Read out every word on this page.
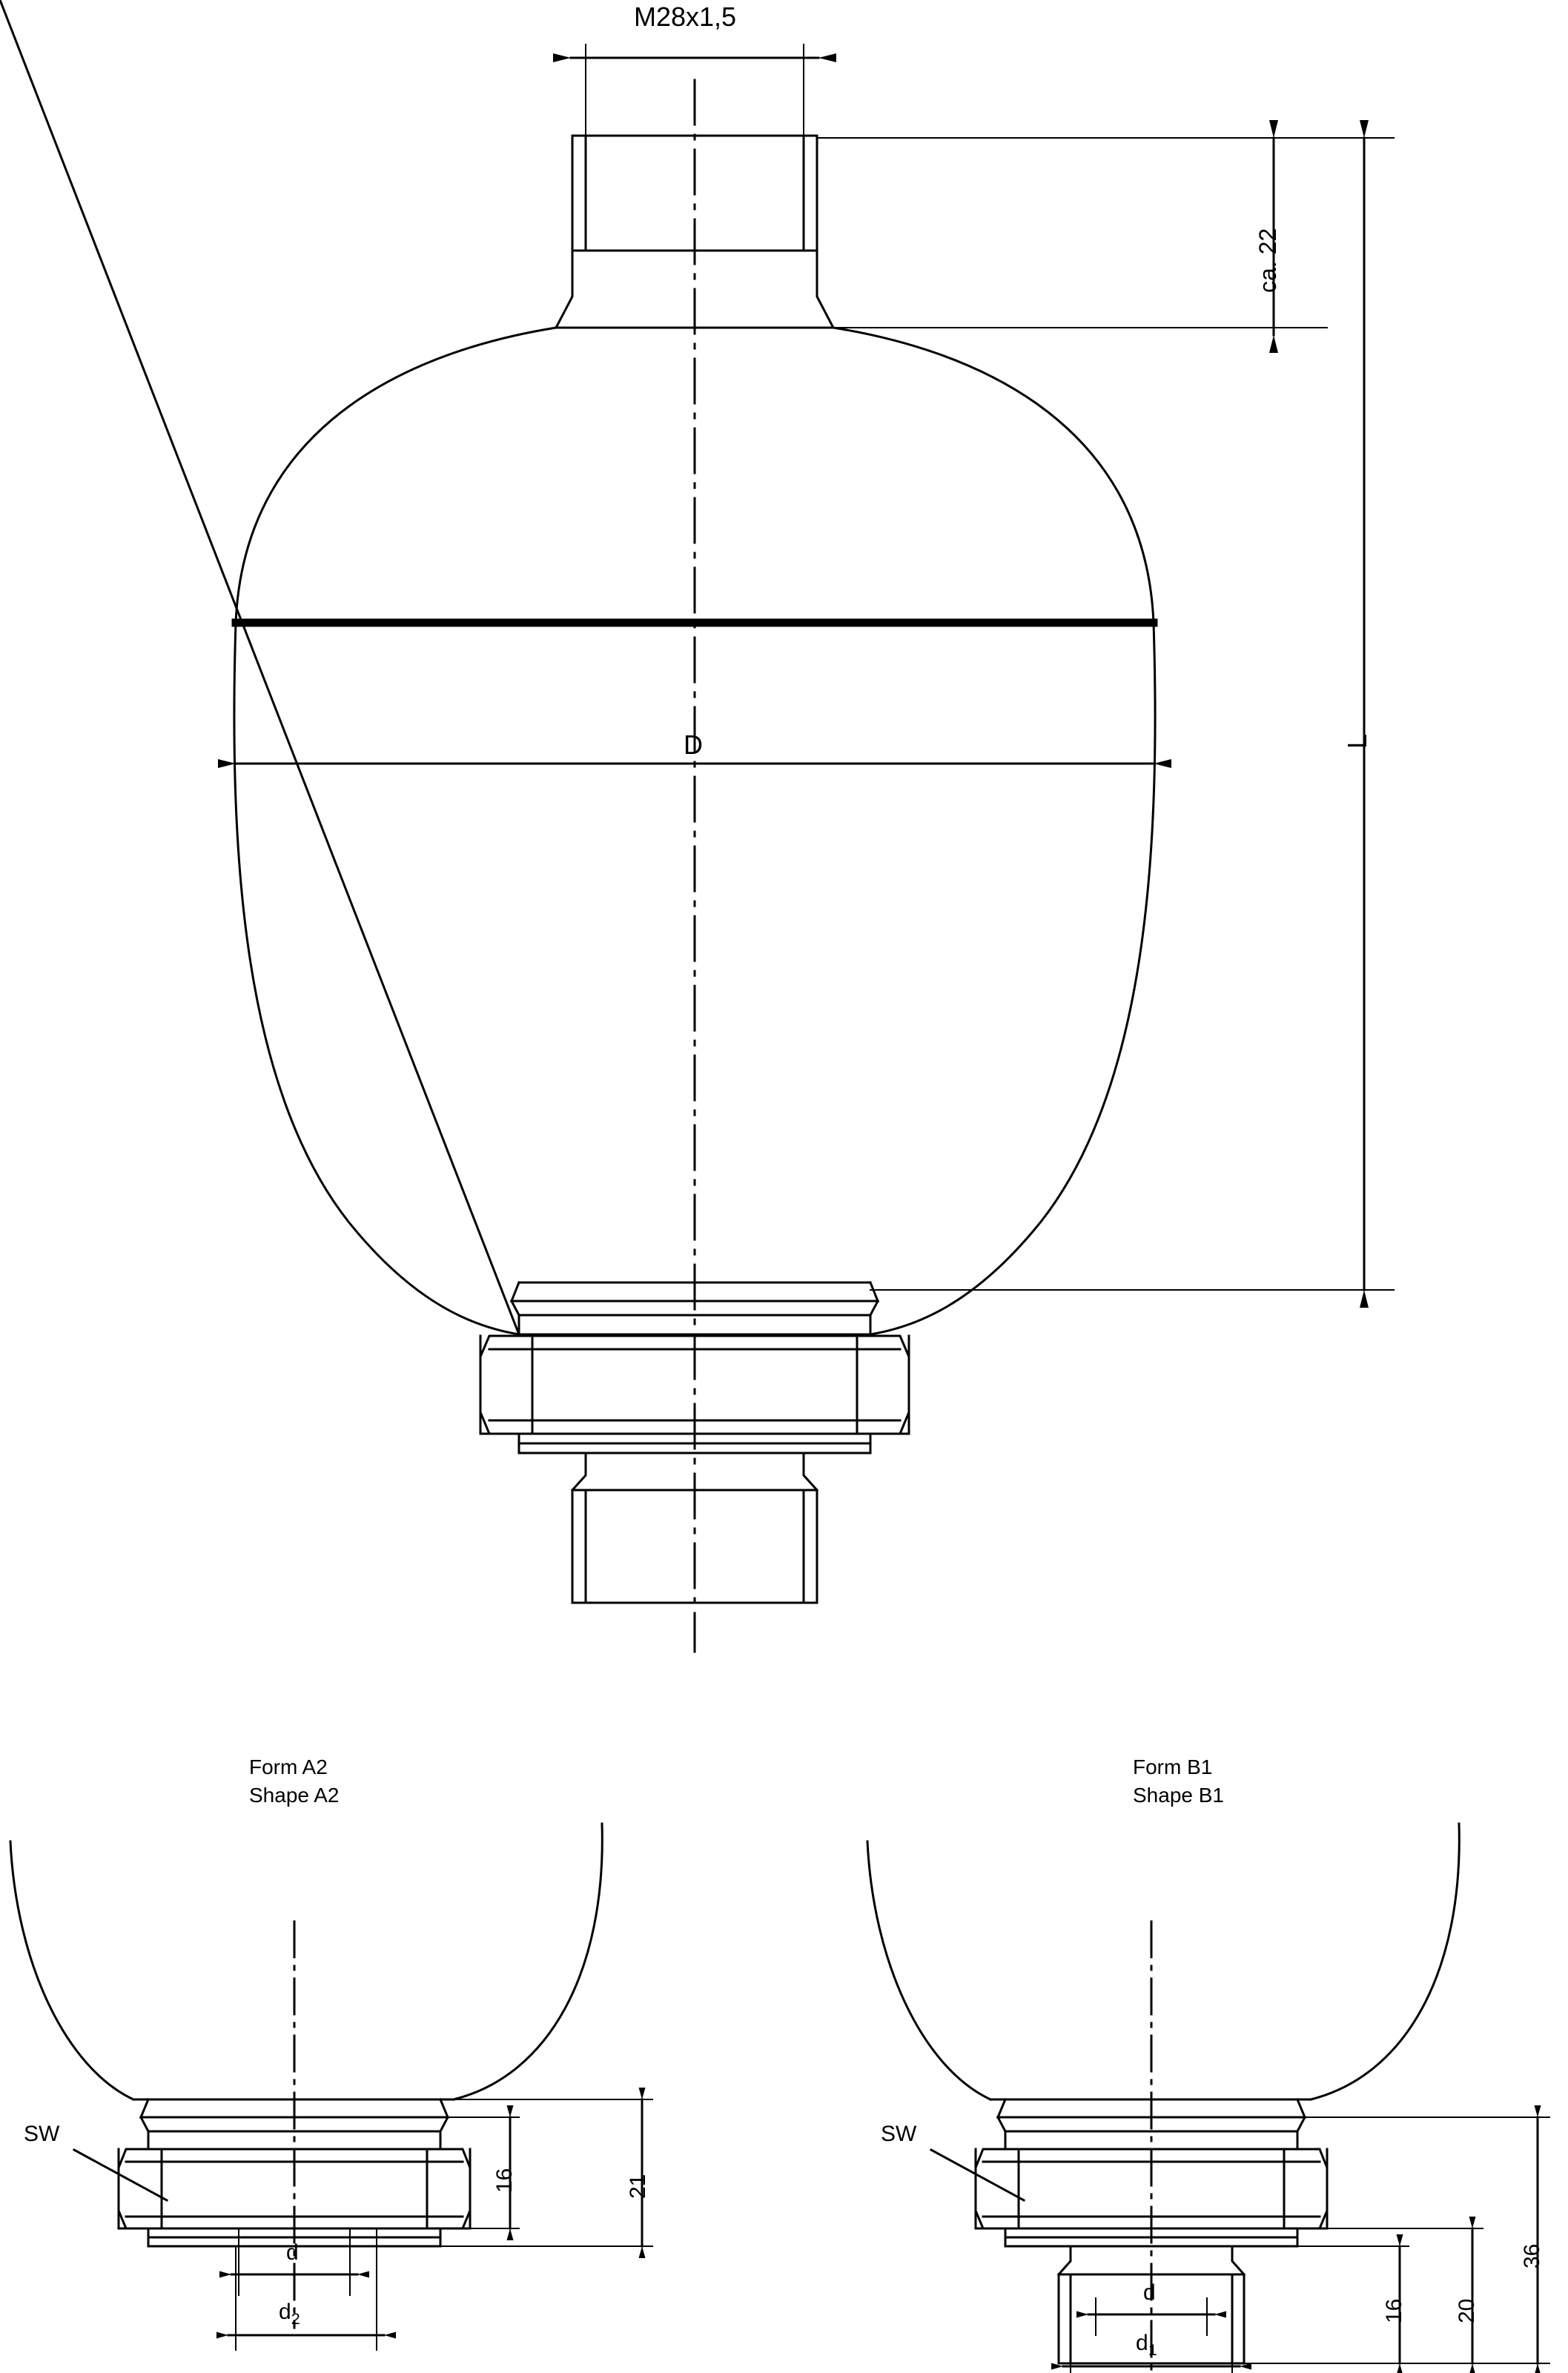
M28x1,5
ca. 22
L
D
Form A2
Shape A2
SW
16	21
d
$d_2$
Form B1
Shape B1
SW
16 20
36
d
$d_1$
